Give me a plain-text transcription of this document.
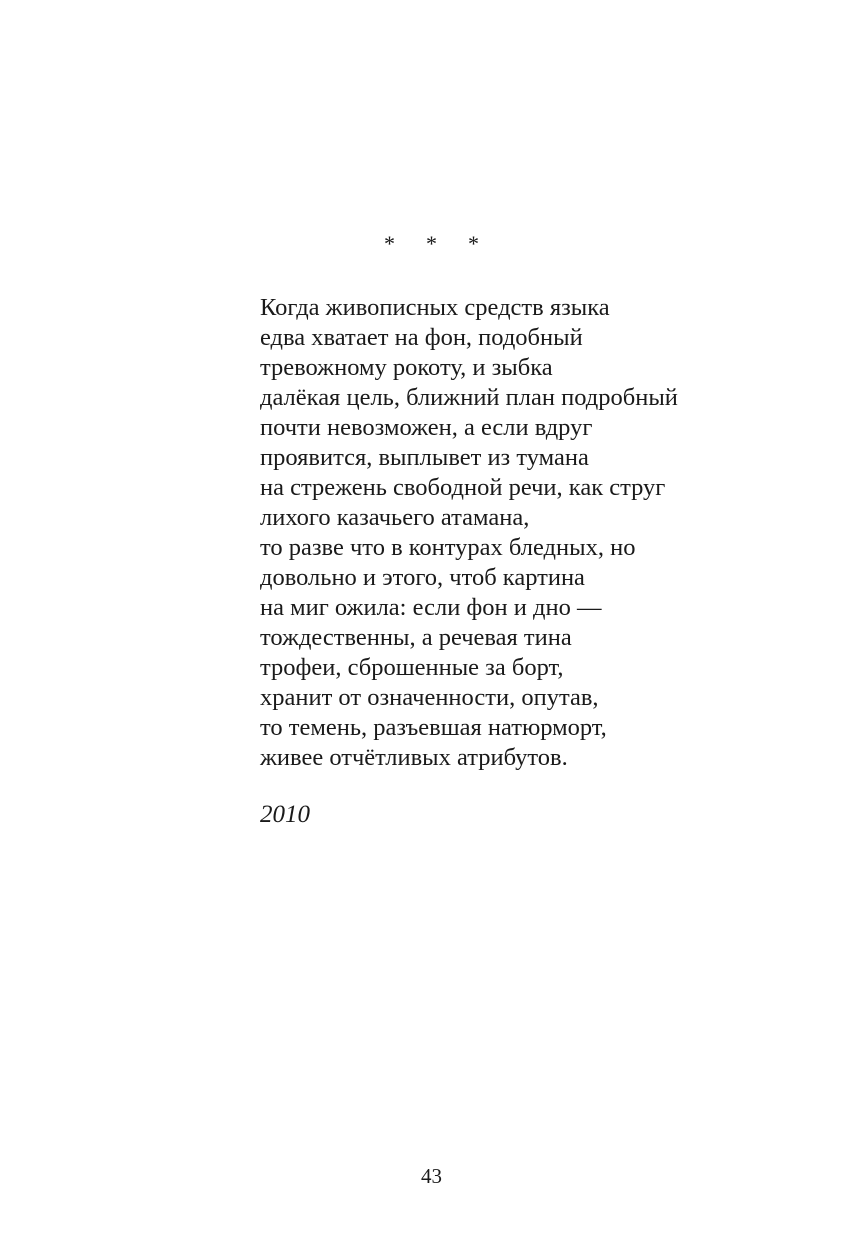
* * *
Когда живописных средств языка
едва хватает на фон, подобный
тревожному рокоту, и зыбка
далёкая цель, ближний план подробный
почти невозможен, а если вдруг
проявится, выплывет из тумана
на стрежень свободной речи, как струг
лихого казачьего атамана,
то разве что в контурах бледных, но
довольно и этого, чтоб картина
на миг ожила: если фон и дно —
тождественны, а речевая тина
трофеи, сброшенные за борт,
хранит от означенности, опутав,
то темень, разъевшая натюрморт,
живее отчётливых атрибутов.
2010
43
